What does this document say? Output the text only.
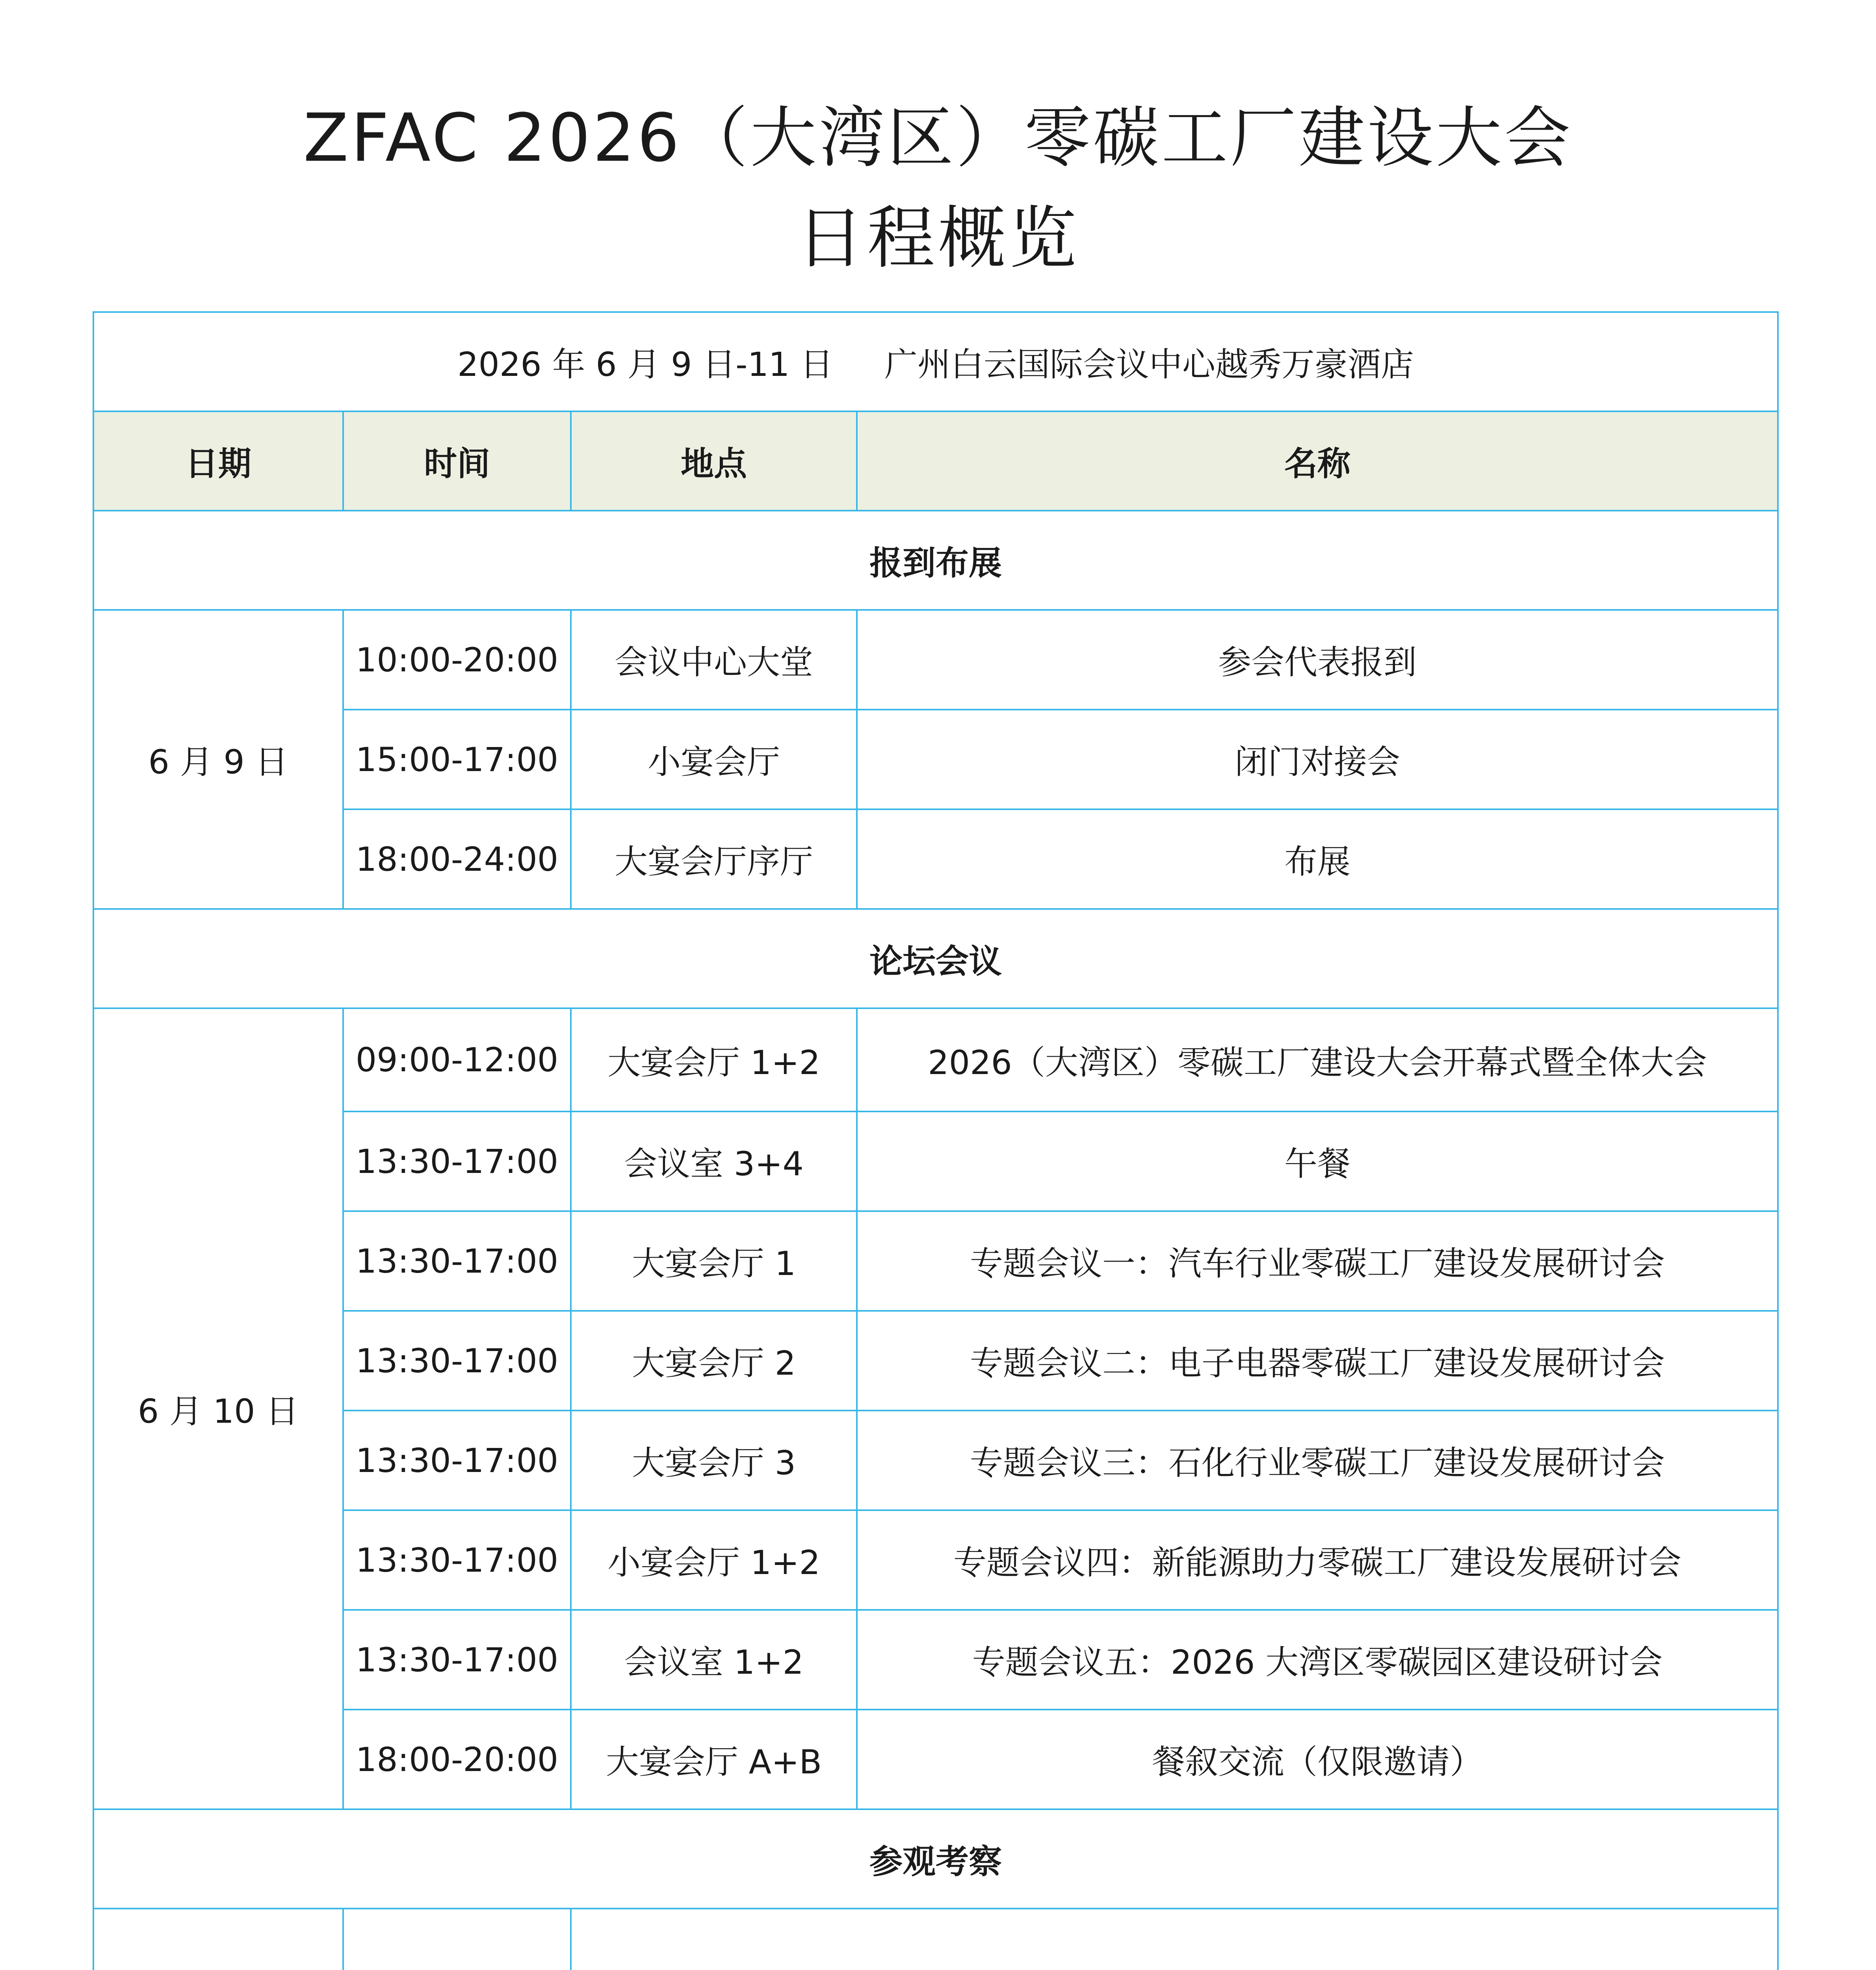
ZFAC 2026（大湾区）零碳工厂建设大会
日程概览
2026 年 6 月 9 日-11 日 广州白云国际会议中心越秀万豪酒店			
日期	时间	地点	名称
报到布展			
6 月 9 日	10:00-20:00	会议中心大堂	参会代表报到
	15:00-17:00	小宴会厅	闭门对接会
	18:00-24:00	大宴会厅序厅	布展
论坛会议			
6 月 10 日	09:00-12:00	大宴会厅 1+2	2026（大湾区）零碳工厂建设大会开幕式暨全体大会
	13:30-17:00	会议室 3+4	午餐
	13:30-17:00	大宴会厅 1	专题会议一：汽车行业零碳工厂建设发展研讨会
	13:30-17:00	大宴会厅 2	专题会议二：电子电器零碳工厂建设发展研讨会
	13:30-17:00	大宴会厅 3	专题会议三：石化行业零碳工厂建设发展研讨会
	13:30-17:00	小宴会厅 1+2	专题会议四：新能源助力零碳工厂建设发展研讨会
	13:30-17:00	会议室 1+2	专题会议五：2026 大湾区零碳园区建设研讨会
	18:00-20:00	大宴会厅 A+B	餐叙交流（仅限邀请）
参观考察			
